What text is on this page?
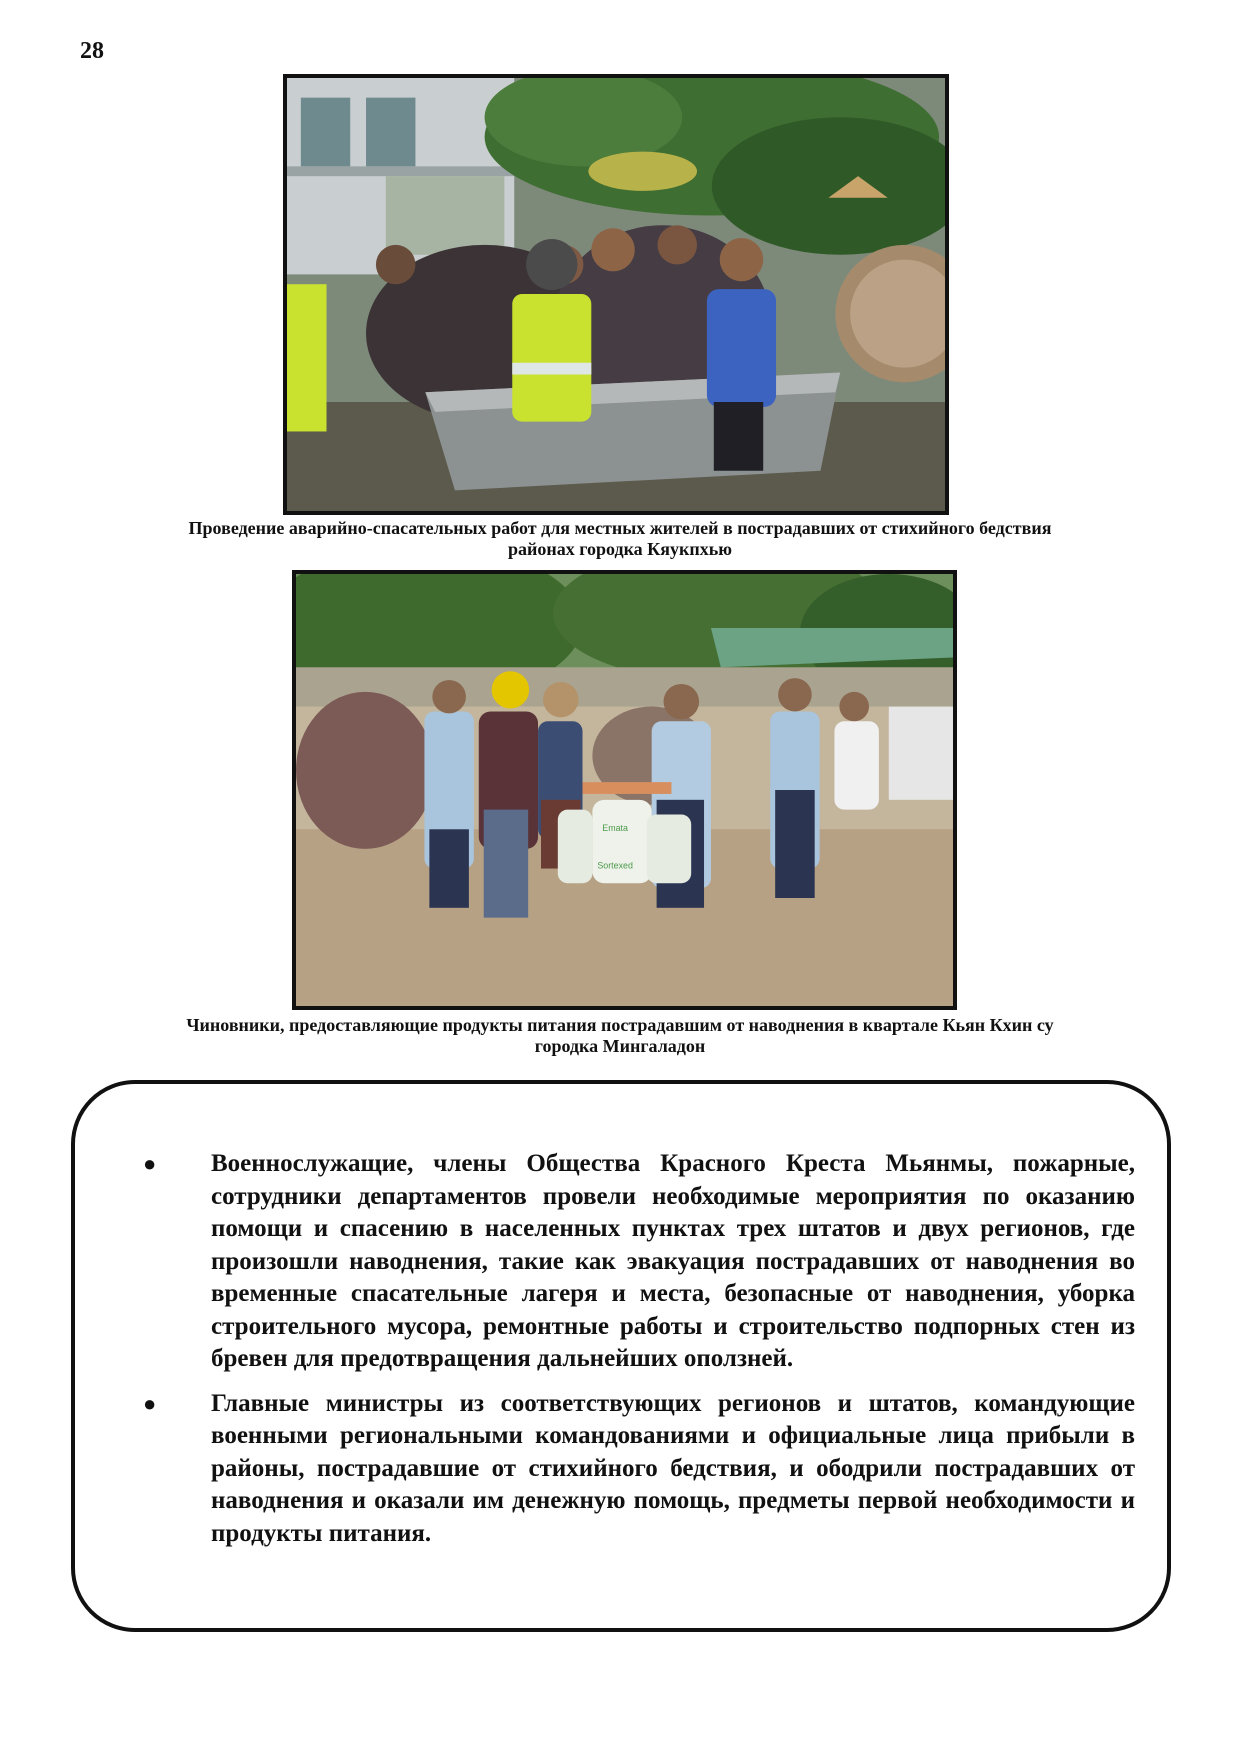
28
Проведение аварийно-спасательных работ для местных жителей в пострадавших от стихийного бедствия
районах городка Кяукпхью
Emata
Sortexed
Чиновники, предоставляющие продукты питания пострадавшим от наводнения в квартале Кьян Кхин су
городка Мингаладон
● Военнослужащие, члены Общества Красного Креста Мьянмы, пожарные, сотрудники департаментов провели необходимые мероприятия по оказанию помощи и спасению в населенных пунктах трех штатов и двух регионов, где произошли наводнения, такие как эвакуация пострадавших от наводнения во временные спасательные лагеря и места, безопасные от наводнения, уборка строительного мусора, ремонтные работы и строительство подпорных стен из бревен для предотвращения дальнейших оползней.
● Главные министры из соответствующих регионов и штатов, командующие военными региональными командованиями и официальные лица прибыли в районы, пострадавшие от стихийного бедствия, и ободрили пострадавших от наводнения и оказали им денежную помощь, предметы первой необходимости и продукты питания.
